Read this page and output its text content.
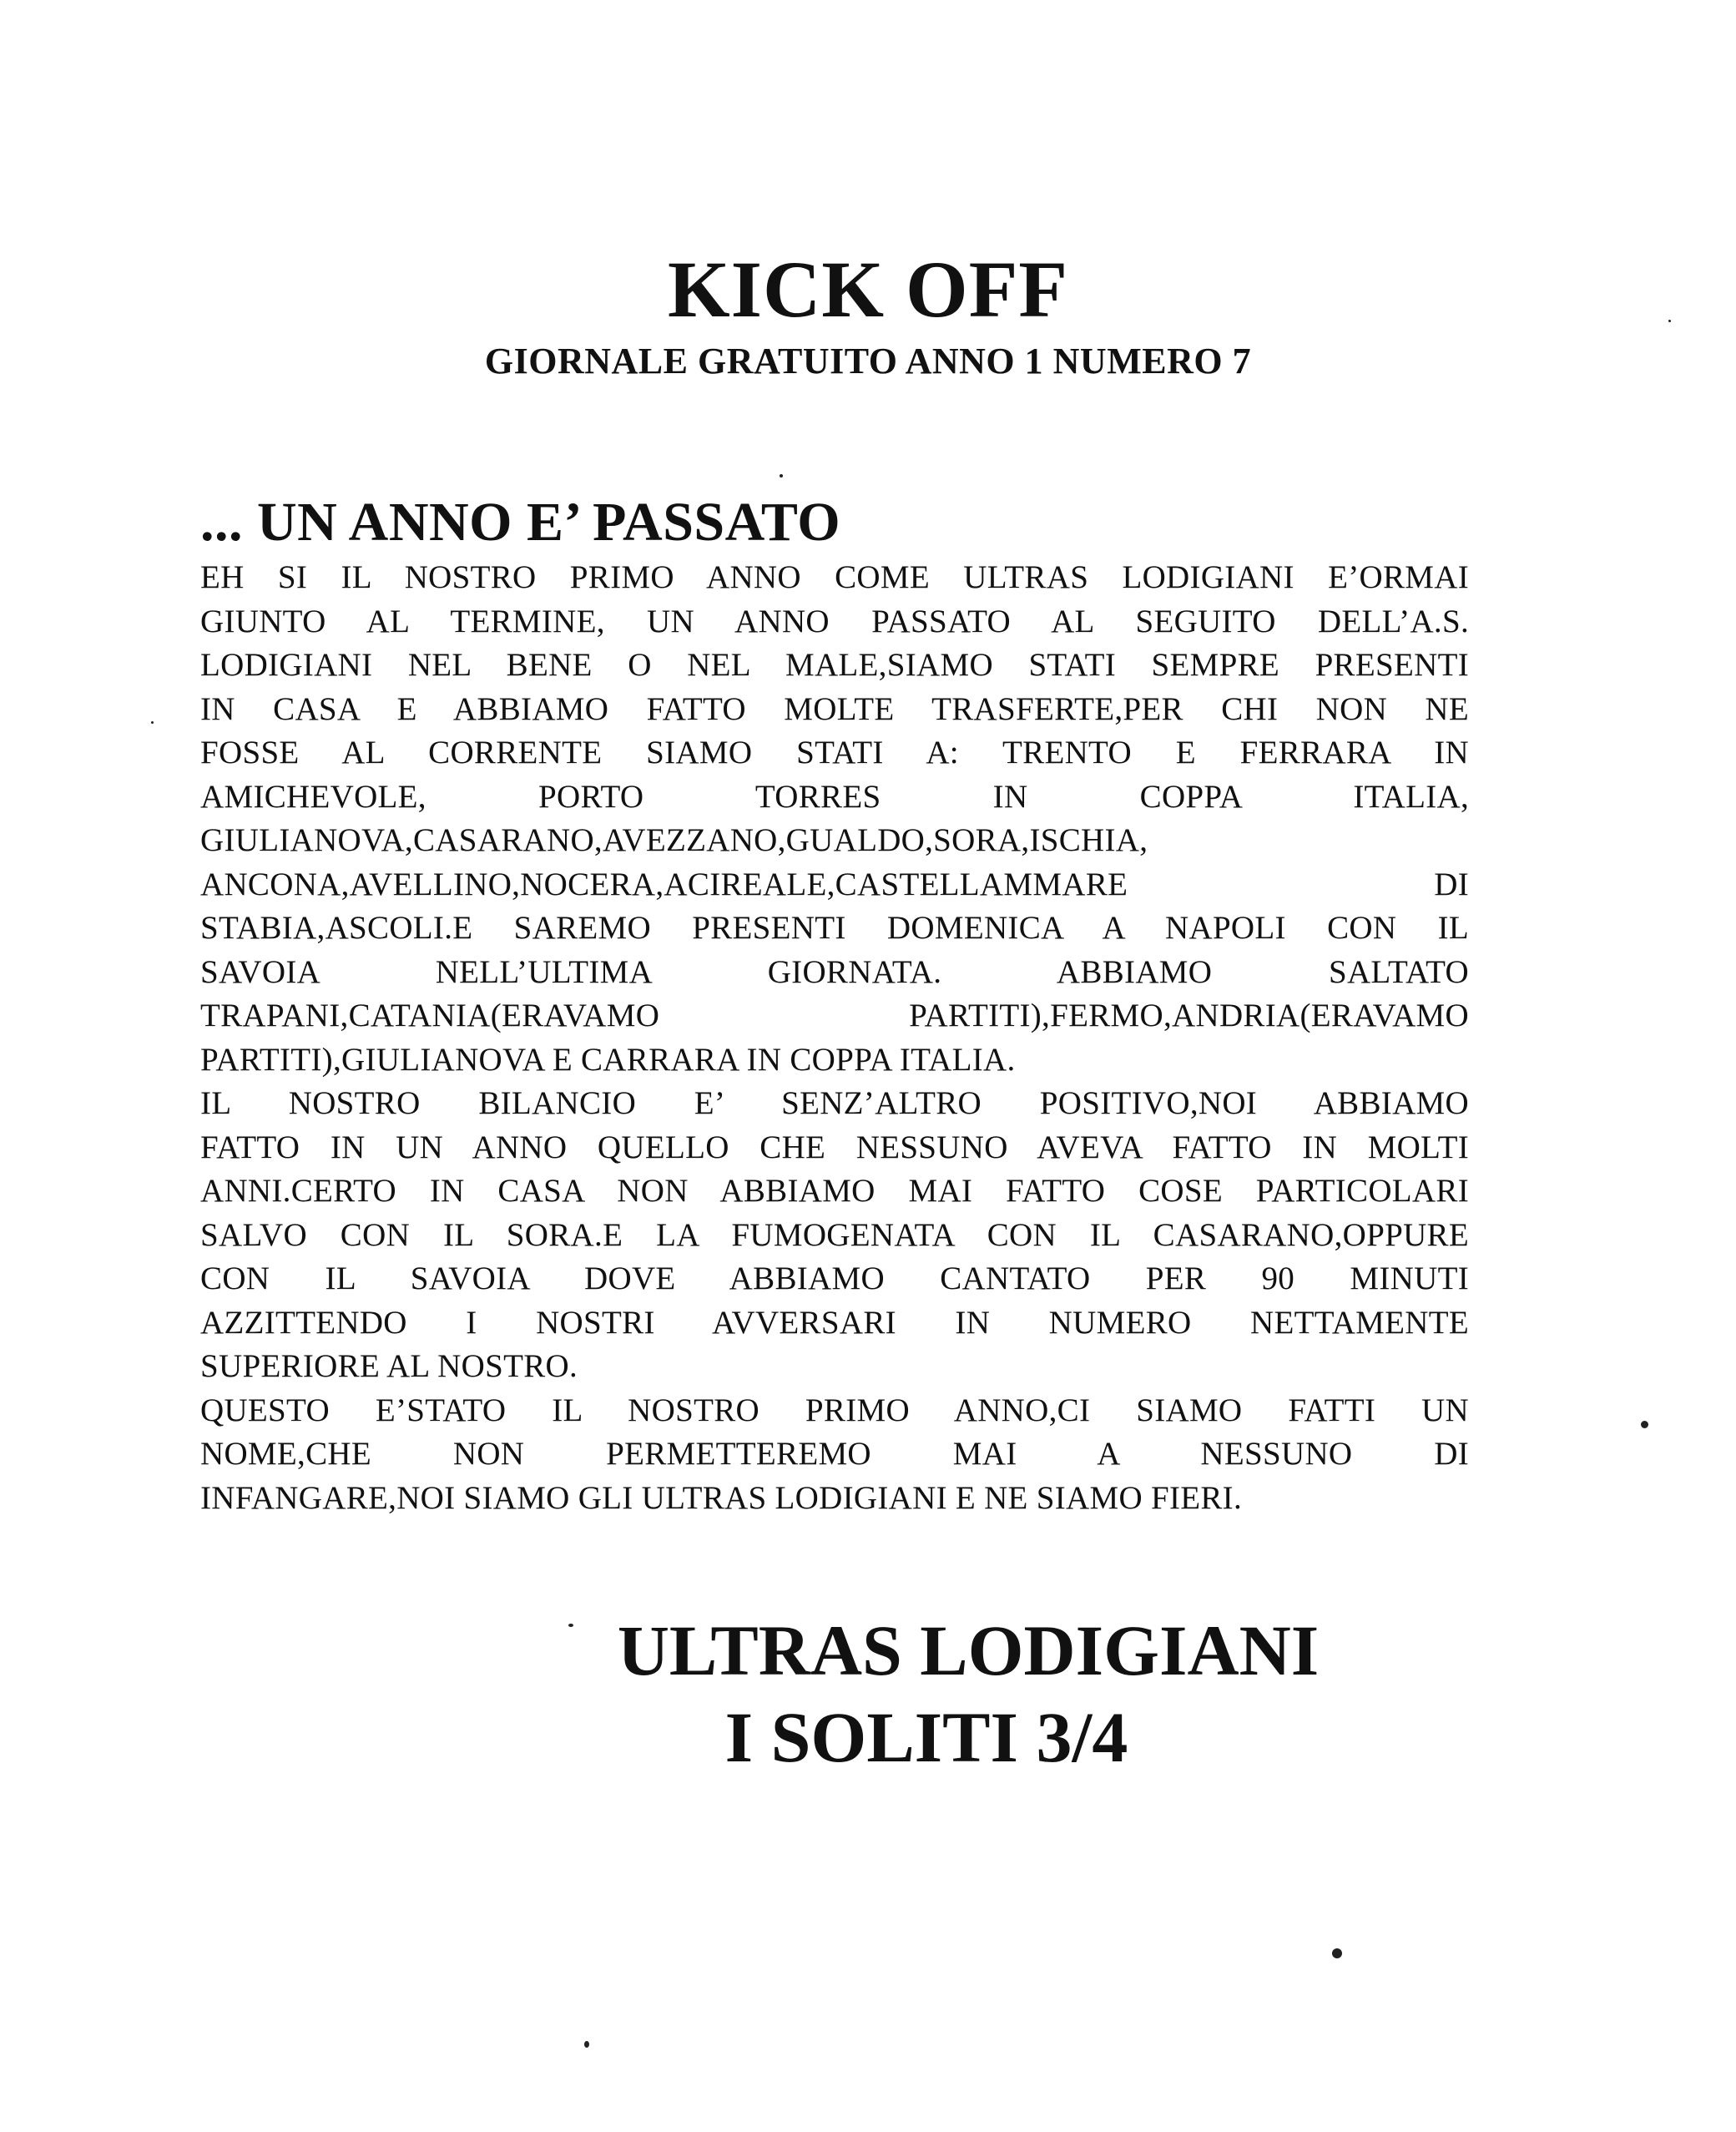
KICK OFF
GIORNALE GRATUITO ANNO 1 NUMERO 7
... UN ANNO E’ PASSATO
EH SI IL NOSTRO PRIMO ANNO COME ULTRAS LODIGIANI E’ORMAI
GIUNTO AL TERMINE, UN ANNO PASSATO AL SEGUITO DELL’A.S.
LODIGIANI NEL BENE O NEL MALE,SIAMO STATI SEMPRE PRESENTI
IN CASA E ABBIAMO FATTO MOLTE TRASFERTE,PER CHI NON NE
FOSSE AL CORRENTE SIAMO STATI A: TRENTO E FERRARA IN
AMICHEVOLE, PORTO TORRES IN COPPA ITALIA,
GIULIANOVA,CASARANO,AVEZZANO,GUALDO,SORA,ISCHIA,
ANCONA,AVELLINO,NOCERA,ACIREALE,CASTELLAMMARE DI
STABIA,ASCOLI.E SAREMO PRESENTI DOMENICA A NAPOLI CON IL
SAVOIA NELL’ULTIMA GIORNATA. ABBIAMO SALTATO
TRAPANI,CATANIA(ERAVAMO PARTITI),FERMO,ANDRIA(ERAVAMO
PARTITI),GIULIANOVA E CARRARA IN COPPA ITALIA.
IL NOSTRO BILANCIO E’ SENZ’ALTRO POSITIVO,NOI ABBIAMO
FATTO IN UN ANNO QUELLO CHE NESSUNO AVEVA FATTO IN MOLTI
ANNI.CERTO IN CASA NON ABBIAMO MAI FATTO COSE PARTICOLARI
SALVO CON IL SORA.E LA FUMOGENATA CON IL CASARANO,OPPURE
CON IL SAVOIA DOVE ABBIAMO CANTATO PER 90 MINUTI
AZZITTENDO I NOSTRI AVVERSARI IN NUMERO NETTAMENTE
SUPERIORE AL NOSTRO.
QUESTO E’STATO IL NOSTRO PRIMO ANNO,CI SIAMO FATTI UN
NOME,CHE NON PERMETTEREMO MAI A NESSUNO DI
INFANGARE,NOI SIAMO GLI ULTRAS LODIGIANI E NE SIAMO FIERI.
ULTRAS LODIGIANI
I SOLITI 3/4
